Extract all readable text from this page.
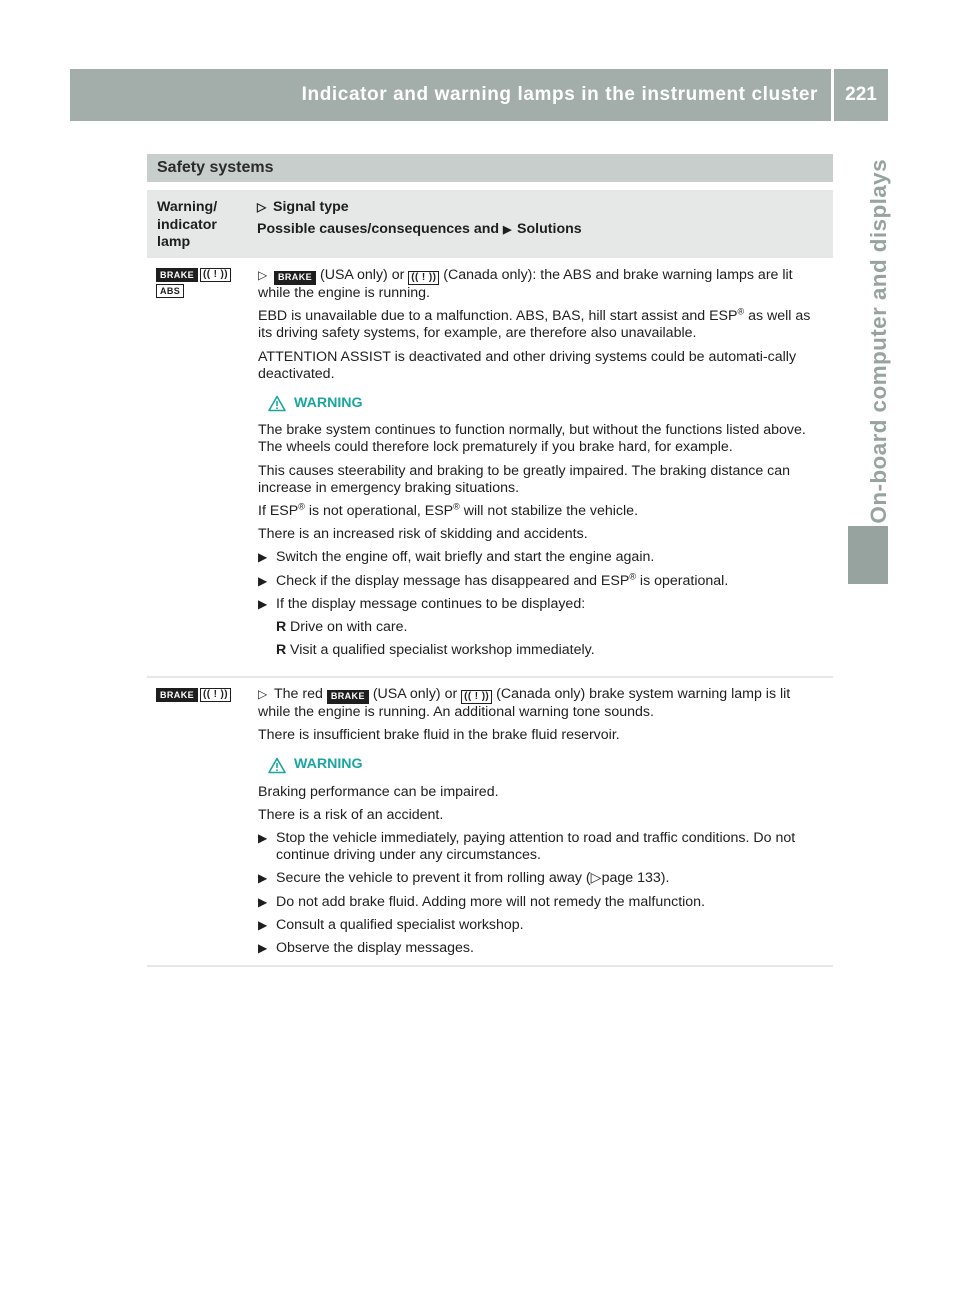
Indicator and warning lamps in the instrument cluster	221
On-board computer and displays
Safety systems
Warning/ indicator lamp
▷ Signal type
Possible causes/consequences and ▶ Solutions
BRAKE (( ! ))
ABS

▷ BRAKE (USA only) or (( ! )) (Canada only): the ABS and brake warning lamps are lit while the engine is running.

EBD is unavailable due to a malfunction. ABS, BAS, hill start assist and ESP® as well as its driving safety systems, for example, are therefore also unavailable.

ATTENTION ASSIST is deactivated and other driving systems could be automati-cally deactivated.

WARNING

The brake system continues to function normally, but without the functions listed above. The wheels could therefore lock prematurely if you brake hard, for example.

This causes steerability and braking to be greatly impaired. The braking distance can increase in emergency braking situations.

If ESP® is not operational, ESP® will not stabilize the vehicle.

There is an increased risk of skidding and accidents.

▶ Switch the engine off, wait briefly and start the engine again.
▶ Check if the display message has disappeared and ESP® is operational.
▶ If the display message continues to be displayed:
R Drive on with care.
R Visit a qualified specialist workshop immediately.
BRAKE (( ! )) ▷ The red BRAKE (USA only) or (( ! )) (Canada only) brake system warning lamp is lit while the engine is running. An additional warning tone sounds.

There is insufficient brake fluid in the brake fluid reservoir.

WARNING

Braking performance can be impaired.

There is a risk of an accident.

▶ Stop the vehicle immediately, paying attention to road and traffic conditions. Do not continue driving under any circumstances.
▶ Secure the vehicle to prevent it from rolling away (▷page 133).
▶ Do not add brake fluid. Adding more will not remedy the malfunction.
▶ Consult a qualified specialist workshop.
▶ Observe the display messages.
